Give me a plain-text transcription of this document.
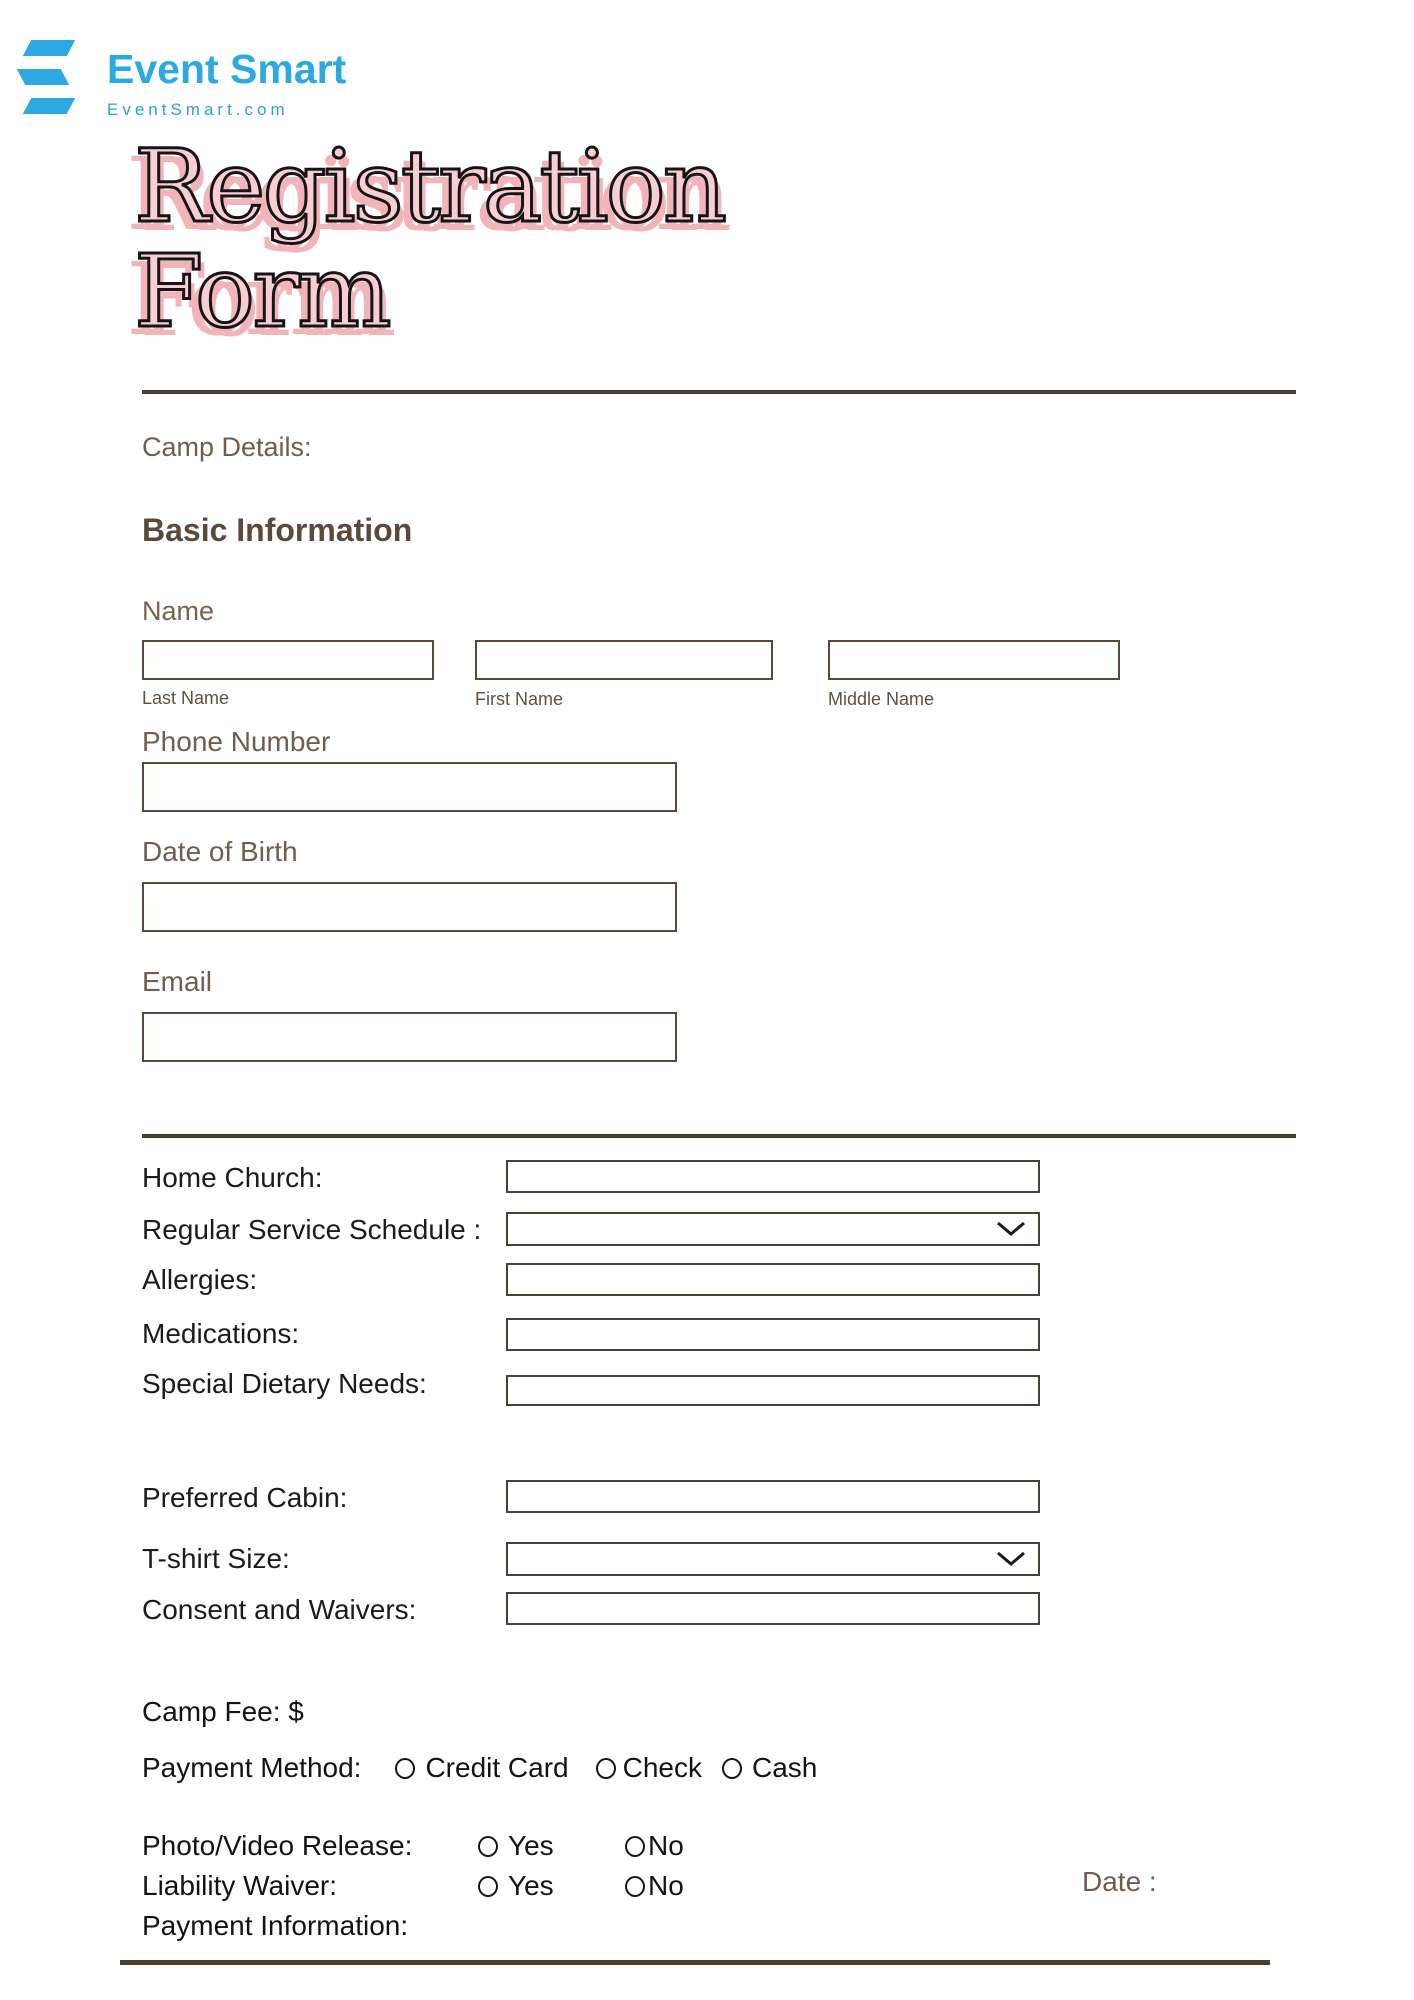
Event Smart
EventSmart.com
Registration
Form
Camp Details:
Basic Information
Name
Last Name	First Name	Middle Name
Phone Number
Date of Birth
Email
Home Church:
Regular Service Schedule :
Allergies:
Medications:
Special Dietary Needs:
Preferred Cabin:
T-shirt Size:
Consent and Waivers:
Camp Fee: $
Payment Method: Credit Card Check Cash
Photo/Video Release:	Yes	No
Liability Waiver:	Yes	No	Date :
Payment Information:
